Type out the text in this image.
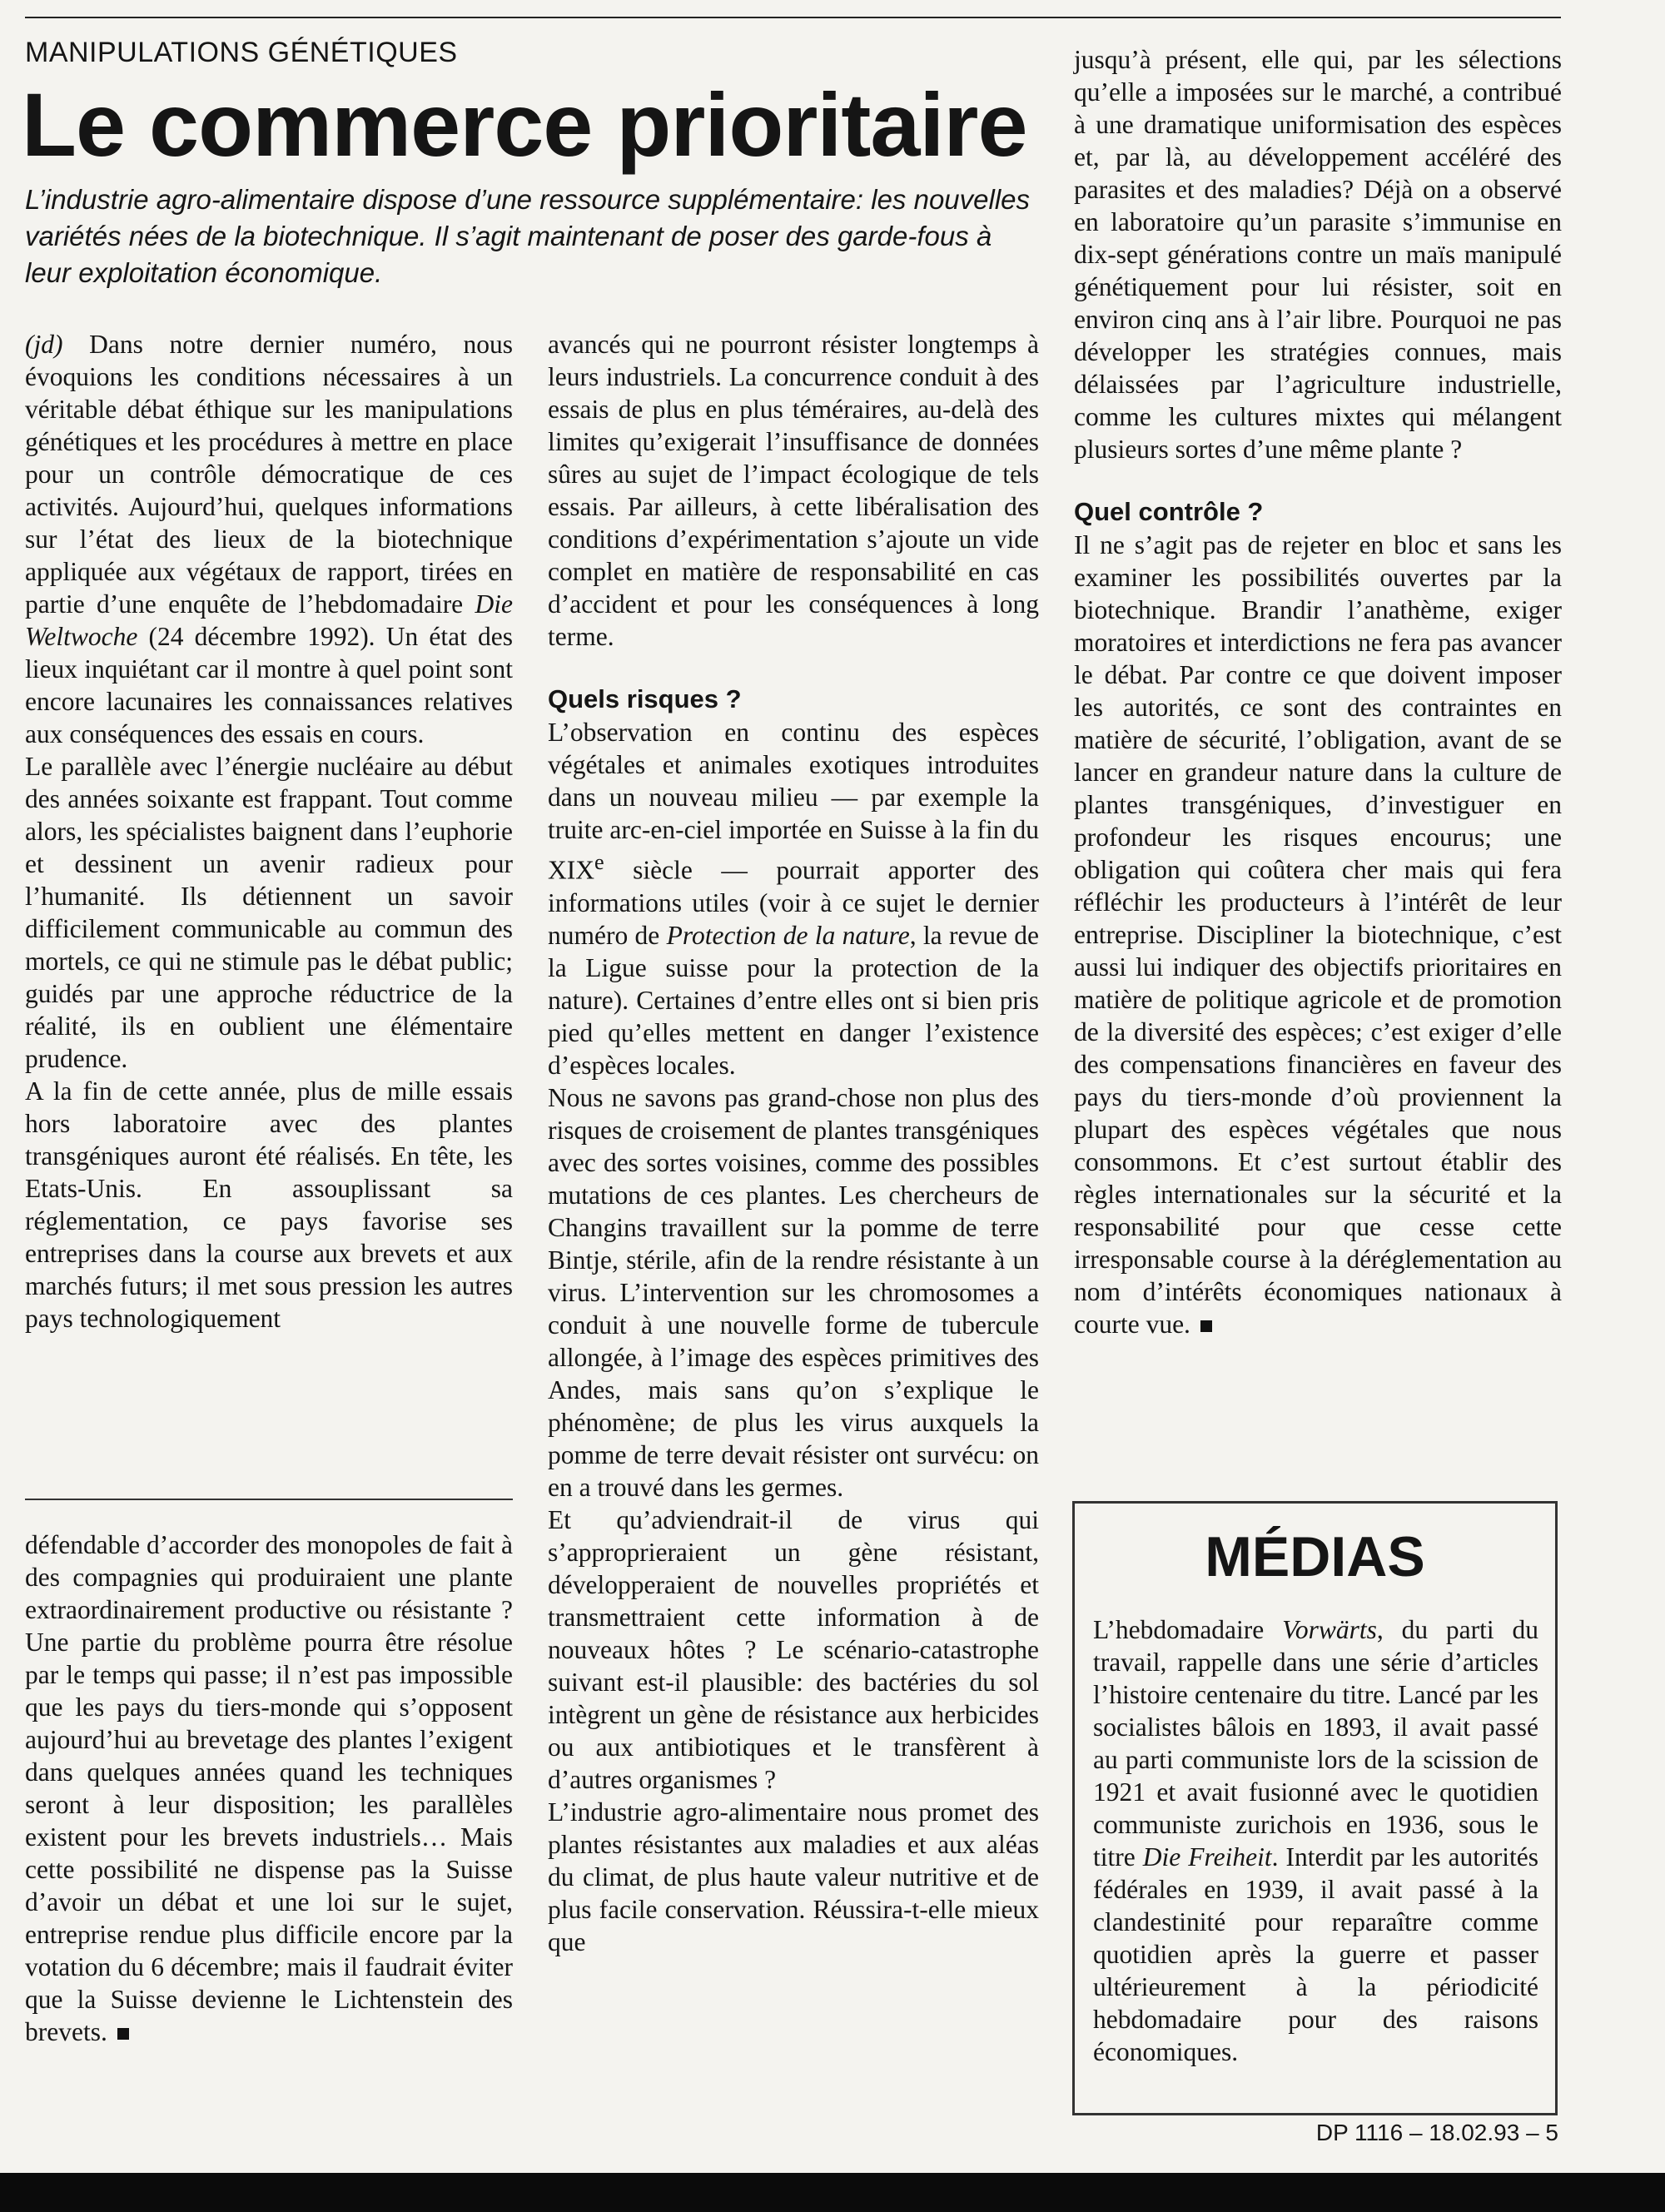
MANIPULATIONS GÉNÉTIQUES
Le commerce prioritaire

L’industrie agro-alimentaire dispose d’une ressource supplémentaire: les nouvelles variétés nées de la biotechnique. Il s’agit maintenant de poser des garde-fous à leur exploitation économique.

(jd) Dans notre dernier numéro, nous évoquions les conditions nécessaires à un véritable débat éthique sur les manipulations génétiques et les procédures à mettre en place pour un contrôle démocratique de ces activités. Aujourd’hui, quelques informations sur l’état des lieux de la biotechnique appliquée aux végétaux de rapport, tirées en partie d’une enquête de l’hebdomadaire Die Weltwoche (24 décembre 1992). Un état des lieux inquiétant car il montre à quel point sont encore lacunaires les connaissances relatives aux conséquences des essais en cours.

Le parallèle avec l’énergie nucléaire au début des années soixante est frappant. Tout comme alors, les spécialistes baignent dans l’euphorie et dessinent un avenir radieux pour l’humanité. Ils détiennent un savoir difficilement communicable au commun des mortels, ce qui ne stimule pas le débat public; guidés par une approche réductrice de la réalité, ils en oublient une élémentaire prudence.

A la fin de cette année, plus de mille essais hors laboratoire avec des plantes transgéniques auront été réalisés. En tête, les Etats-Unis. En assouplissant sa réglementation, ce pays favorise ses entreprises dans la course aux brevets et aux marchés futurs; il met sous pression les autres pays technologiquement

défendable d’accorder des monopoles de fait à des compagnies qui produiraient une plante extraordinairement productive ou résistante ? Une partie du problème pourra être résolue par le temps qui passe; il n’est pas impossible que les pays du tiers-monde qui s’opposent aujourd’hui au brevetage des plantes l’exigent dans quelques années quand les techniques seront à leur disposition; les parallèles existent pour les brevets industriels… Mais cette possibilité ne dispense pas la Suisse d’avoir un débat et une loi sur le sujet, entreprise rendue plus difficile encore par la votation du 6 décembre; mais il faudrait éviter que la Suisse devienne le Lichtenstein des brevets.

avancés qui ne pourront résister longtemps à leurs industriels. La concurrence conduit à des essais de plus en plus téméraires, au-delà des limites qu’exigerait l’insuffisance de données sûres au sujet de l’impact écologique de tels essais. Par ailleurs, à cette libéralisation des conditions d’expérimentation s’ajoute un vide complet en matière de responsabilité en cas d’accident et pour les conséquences à long terme.

Quels risques ?

L’observation en continu des espèces végétales et animales exotiques introduites dans un nouveau milieu — par exemple la truite arc-en-ciel importée en Suisse à la fin du XIXe siècle — pourrait apporter des informations utiles (voir à ce sujet le dernier numéro de Protection de la nature, la revue de la Ligue suisse pour la protection de la nature). Certaines d’entre elles ont si bien pris pied qu’elles mettent en danger l’existence d’espèces locales.

Nous ne savons pas grand-chose non plus des risques de croisement de plantes transgéniques avec des sortes voisines, comme des possibles mutations de ces plantes. Les chercheurs de Changins travaillent sur la pomme de terre Bintje, stérile, afin de la rendre résistante à un virus. L’intervention sur les chromosomes a conduit à une nouvelle forme de tubercule allongée, à l’image des espèces primitives des Andes, mais sans qu’on s’explique le phénomène; de plus les virus auxquels la pomme de terre devait résister ont survécu: on en a trouvé dans les germes.

Et qu’adviendrait-il de virus qui s’approprieraient un gène résistant, développeraient de nouvelles propriétés et transmettraient cette information à de nouveaux hôtes ? Le scénario-catastrophe suivant est-il plausible: des bactéries du sol intègrent un gène de résistance aux herbicides ou aux antibiotiques et le transfèrent à d’autres organismes ?

L’industrie agro-alimentaire nous promet des plantes résistantes aux maladies et aux aléas du climat, de plus haute valeur nutritive et de plus facile conservation. Réussira-t-elle mieux que

jusqu’à présent, elle qui, par les sélections qu’elle a imposées sur le marché, a contribué à une dramatique uniformisation des espèces et, par là, au développement accéléré des parasites et des maladies? Déjà on a observé en laboratoire qu’un parasite s’immunise en dix-sept générations contre un maïs manipulé génétiquement pour lui résister, soit en environ cinq ans à l’air libre. Pourquoi ne pas développer les stratégies connues, mais délaissées par l’agriculture industrielle, comme les cultures mixtes qui mélangent plusieurs sortes d’une même plante ?

Quel contrôle ?

Il ne s’agit pas de rejeter en bloc et sans les examiner les possibilités ouvertes par la biotechnique. Brandir l’anathème, exiger moratoires et interdictions ne fera pas avancer le débat. Par contre ce que doivent imposer les autorités, ce sont des contraintes en matière de sécurité, l’obligation, avant de se lancer en grandeur nature dans la culture de plantes transgéniques, d’investiguer en profondeur les risques encourus; une obligation qui coûtera cher mais qui fera réfléchir les producteurs à l’intérêt de leur entreprise. Discipliner la biotechnique, c’est aussi lui indiquer des objectifs prioritaires en matière de politique agricole et de promotion de la diversité des espèces; c’est exiger d’elle des compensations financières en faveur des pays du tiers-monde d’où proviennent la plupart des espèces végétales que nous consommons. Et c’est surtout établir des règles internationales sur la sécurité et la responsabilité pour que cesse cette irresponsable course à la déréglementation au nom d’intérêts économiques nationaux à courte vue.

MÉDIAS

L’hebdomadaire Vorwärts, du parti du travail, rappelle dans une série d’articles l’histoire centenaire du titre. Lancé par les socialistes bâlois en 1893, il avait passé au parti communiste lors de la scission de 1921 et avait fusionné avec le quotidien communiste zurichois en 1936, sous le titre Die Freiheit. Interdit par les autorités fédérales en 1939, il avait passé à la clandestinité pour reparaître comme quotidien après la guerre et passer ultérieurement à la périodicité hebdomadaire pour des raisons économiques.

DP 1116 – 18.02.93 – 5
